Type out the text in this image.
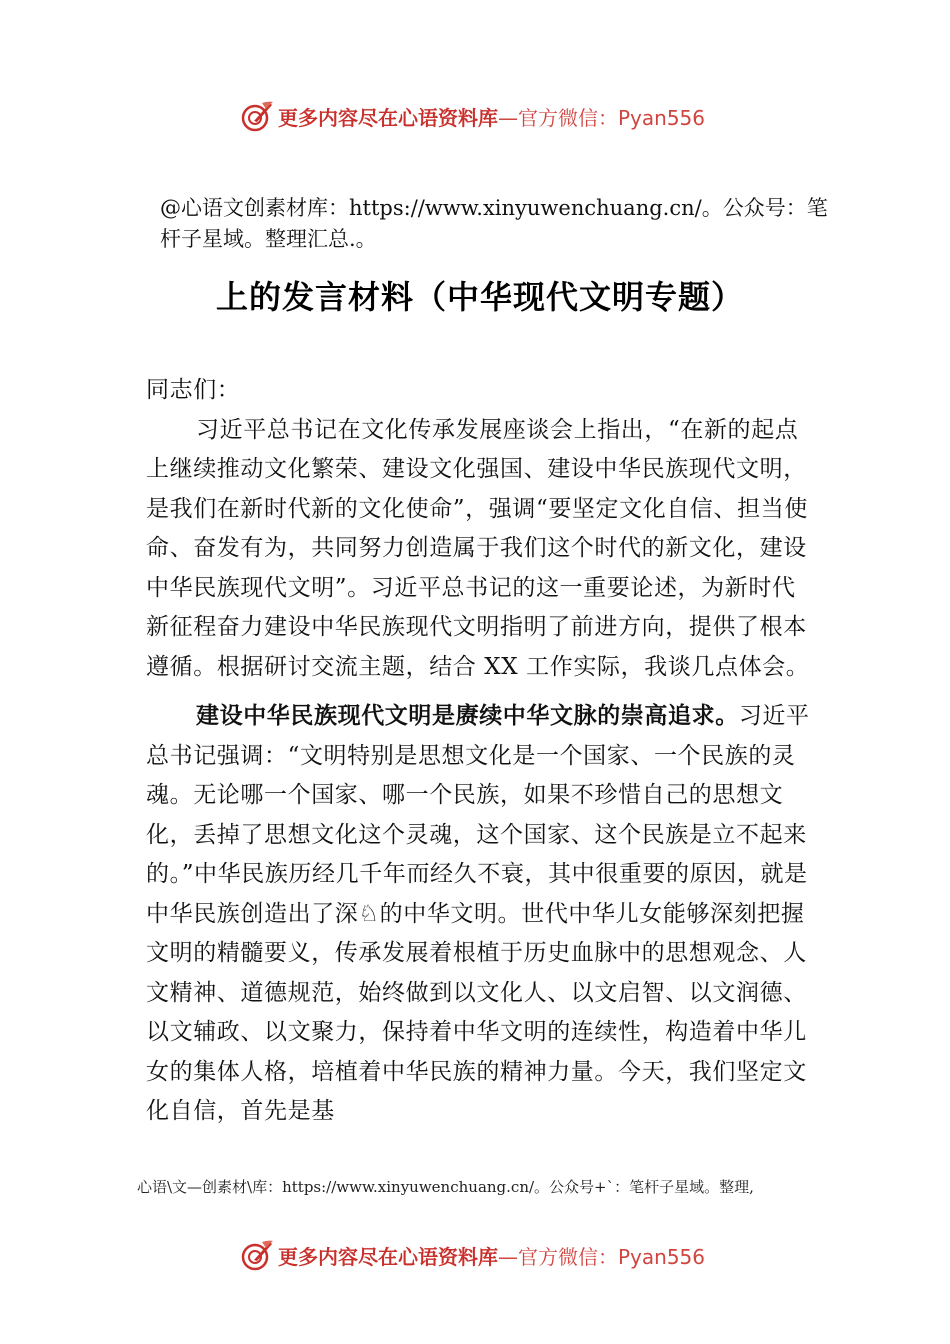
更多内容尽在心语资料库 —官方微信：Pyan556
@心语文创素材库：https://www.xinyuwenchuang.cn/。公众号：笔杆子星域。整理汇总.。
上的发言材料（中华现代文明专题）

同志们：

习近平总书记在文化传承发展座谈会上指出，“在新的起点上继续推动文化繁荣、建设文化强国、建设中华民族现代文明，是我们在新时代新的文化使命”，强调“要坚定文化自信、担当使命、奋发有为，共同努力创造属于我们这个时代的新文化，建设中华民族现代文明”。习近平总书记的这一重要论述，为新时代新征程奋力建设中华民族现代文明指明了前进方向，提供了根本遵循。根据研讨交流主题，结合 XX 工作实际，我谈几点体会。

建设中华民族现代文明是赓续中华文脉的崇高追求。习近平总书记强调：“文明特别是思想文化是一个国家、一个民族的灵魂。无论哪一个国家、哪一个民族，如果不珍惜自己的思想文化，丢掉了思想文化这个灵魂，这个国家、这个民族是立不起来的。”中华民族历经几千年而经久不衰，其中很重要的原因，就是中华民族创造出了深♘的中华文明。世代中华儿女能够深刻把握文明的精髓要义，传承发展着根植于历史血脉中的思想观念、人文精神、道德规范，始终做到以文化人、以文启智、以文润德、以文辅政、以文聚力，保持着中华文明的连续性，构造着中华儿女的集体人格，培植着中华民族的精神力量。今天，我们坚定文化自信，首先是基

心语\文—创素材\库：https://www.xinyuwenchuang.cn/。公众号+`：笔杆子星域。整理,
更多内容尽在心语资料库 —官方微信：Pyan556
